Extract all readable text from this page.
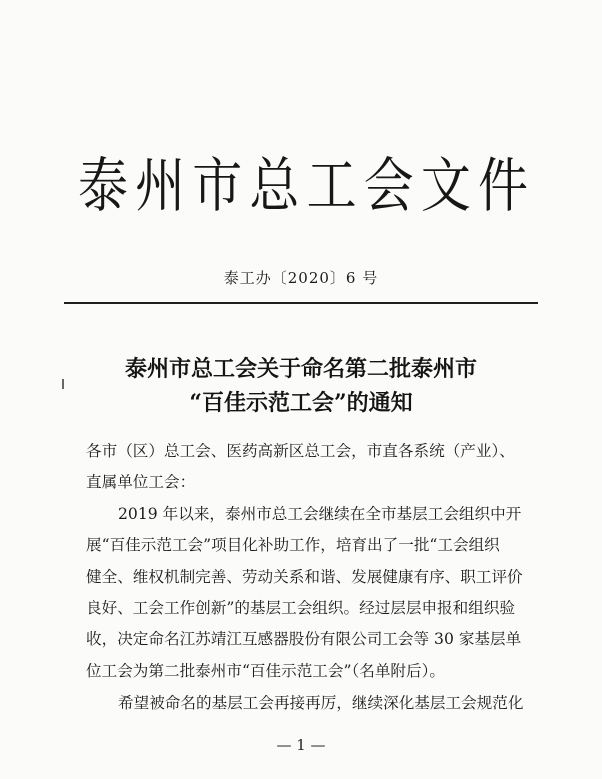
泰 州 市 总 工 会 文 件
泰工办〔2020〕6 号
泰州市总工会关于命名第二批泰州市
“百佳示范工会”的通知
各市（区）总工会、医药高新区总工会，市直各系统（产业）、
直属单位工会：
2019 年以来，泰州市总工会继续在全市基层工会组织中开
展“百佳示范工会”项目化补助工作，培育出了一批“工会组织
健全、维权机制完善、劳动关系和谐、发展健康有序、职工评价
良好、工会工作创新”的基层工会组织。经过层层申报和组织验
收，决定命名江苏靖江互感器股份有限公司工会等 30 家基层单
位工会为第二批泰州市“百佳示范工会”（名单附后）。
希望被命名的基层工会再接再厉，继续深化基层工会规范化
— 1 —
